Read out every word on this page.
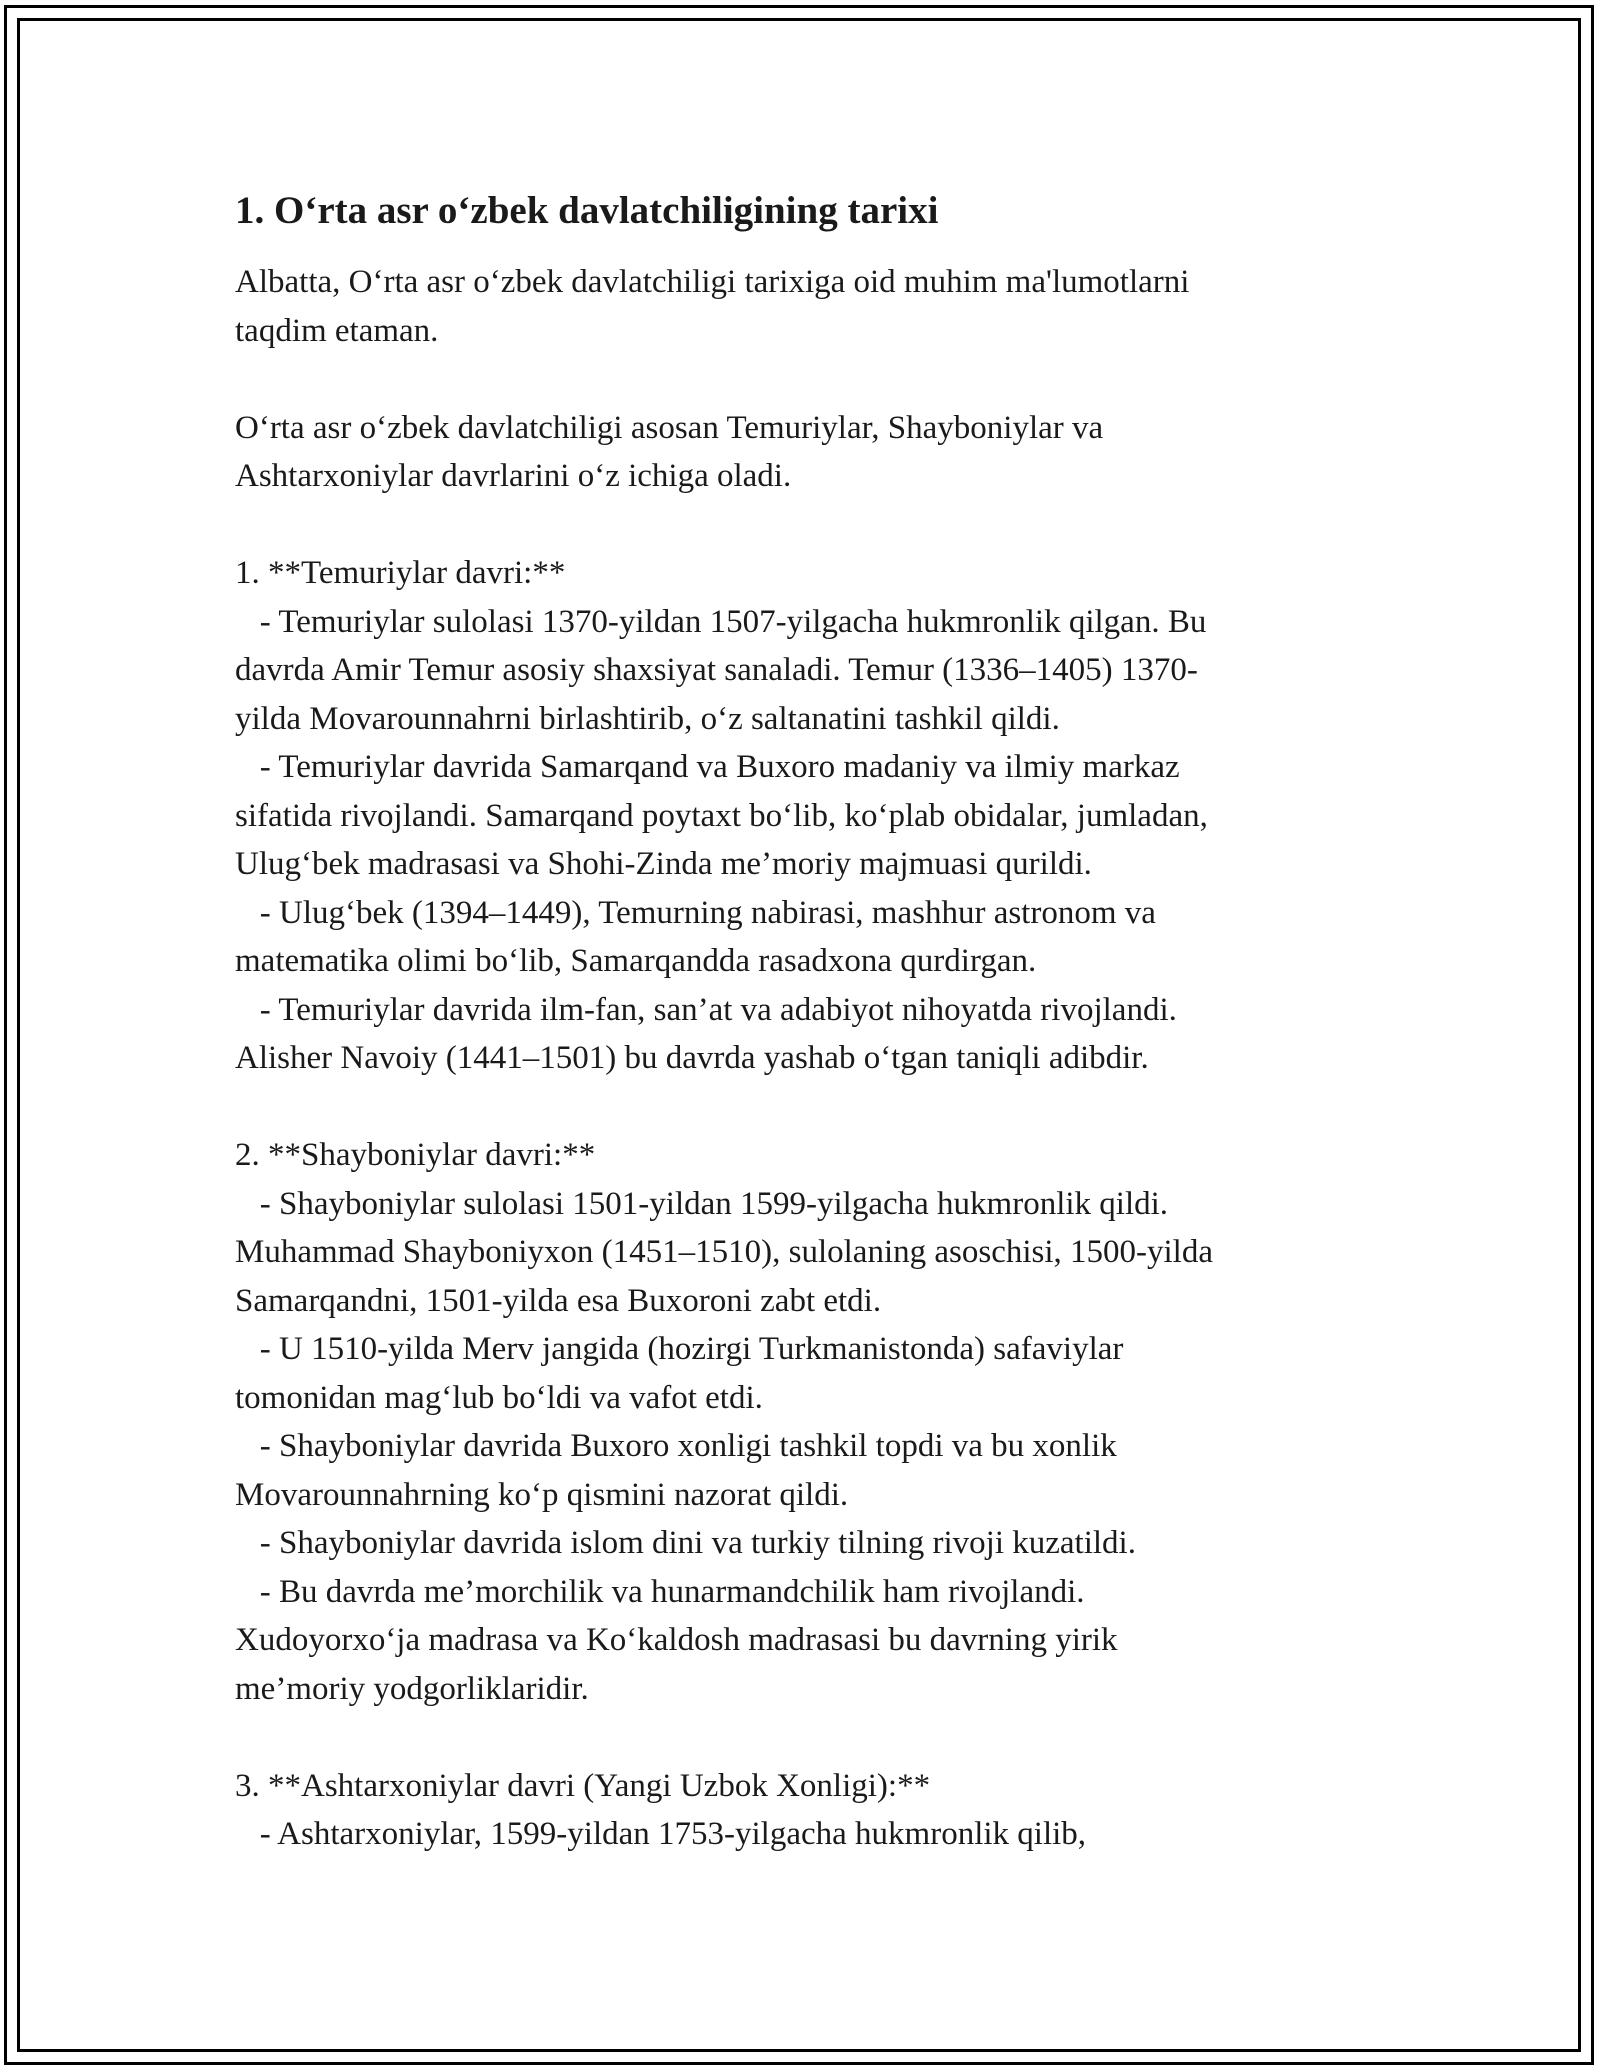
1. O‘rta asr o‘zbek davlatchiligining tarixi

Albatta, O‘rta asr o‘zbek davlatchiligi tarixiga oid muhim ma'lumotlarni

taqdim etaman.

O‘rta asr o‘zbek davlatchiligi asosan Temuriylar, Shayboniylar va

Ashtarxoniylar davrlarini o‘z ichiga oladi.

1. **Temuriylar davri:**

- Temuriylar sulolasi 1370-yildan 1507-yilgacha hukmronlik qilgan. Bu

davrda Amir Temur asosiy shaxsiyat sanaladi. Temur (1336–1405) 1370-

yilda Movarounnahrni birlashtirib, o‘z saltanatini tashkil qildi.

- Temuriylar davrida Samarqand va Buxoro madaniy va ilmiy markaz

sifatida rivojlandi. Samarqand poytaxt bo‘lib, ko‘plab obidalar, jumladan,

Ulug‘bek madrasasi va Shohi-Zinda me’moriy majmuasi qurildi.

- Ulug‘bek (1394–1449), Temurning nabirasi, mashhur astronom va

matematika olimi bo‘lib, Samarqandda rasadxona qurdirgan.

- Temuriylar davrida ilm-fan, san’at va adabiyot nihoyatda rivojlandi.

Alisher Navoiy (1441–1501) bu davrda yashab o‘tgan taniqli adibdir.

2. **Shayboniylar davri:**

- Shayboniylar sulolasi 1501-yildan 1599-yilgacha hukmronlik qildi.

Muhammad Shayboniyxon (1451–1510), sulolaning asoschisi, 1500-yilda

Samarqandni, 1501-yilda esa Buxoroni zabt etdi.

- U 1510-yilda Merv jangida (hozirgi Turkmanistonda) safaviylar

tomonidan mag‘lub bo‘ldi va vafot etdi.

- Shayboniylar davrida Buxoro xonligi tashkil topdi va bu xonlik

Movarounnahrning ko‘p qismini nazorat qildi.

- Shayboniylar davrida islom dini va turkiy tilning rivoji kuzatildi.

- Bu davrda me’morchilik va hunarmandchilik ham rivojlandi.

Xudoyorxo‘ja madrasa va Ko‘kaldosh madrasasi bu davrning yirik

me’moriy yodgorliklaridir.

3. **Ashtarxoniylar davri (Yangi Uzbok Xonligi):**

- Ashtarxoniylar, 1599-yildan 1753-yilgacha hukmronlik qilib,
